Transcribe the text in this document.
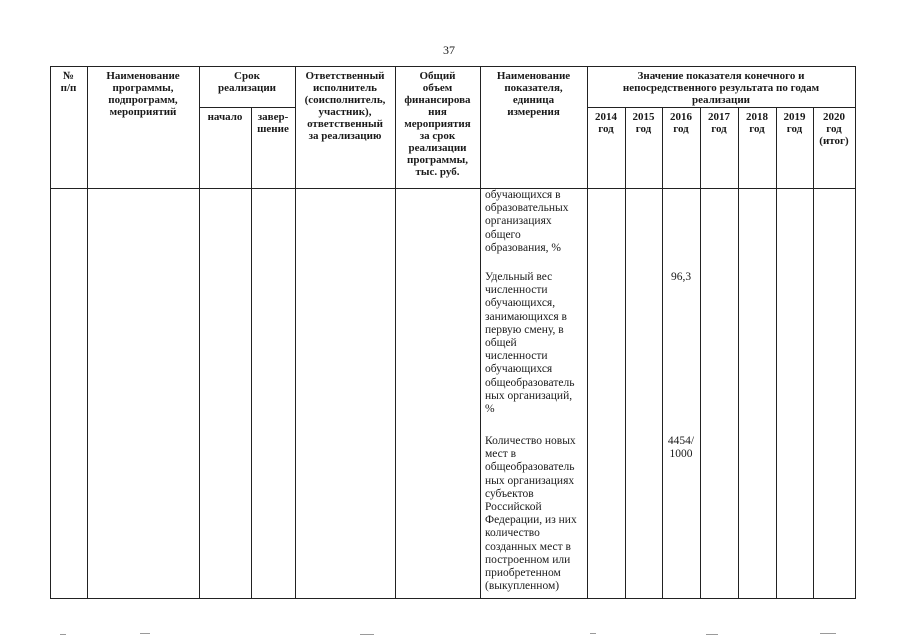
37
№
п/п
Наименование
программы,
подпрограмм,
мероприятий
Срок
реализации
начало	завер-
шение
Ответственный
исполнитель
(соисполнитель,
участник),
ответственный
за реализацию
Общий
объем
финансирова
ния
мероприятия
за срок
реализации
программы,
тыс. руб.
Наименование
показателя,
единица
измерения
Значение показателя конечного и
непосредственного результата по годам
реализации
2014
год
2015
год
2016
год
2017
год
2018
год
2019
год
2020
год
(итог)
обучающихся в
образовательных
организациях
общего
образования, %
Удельный вес
численности
обучающихся,
занимающихся в
первую смену, в
общей
численности
обучающихся
общеобразователь
ных организаций,
%
96,3
Количество новых
мест в
общеобразователь
ных организациях
субъектов
Российской
Федерации, из них
количество
созданных мест в
построенном или
приобретенном
(выкупленном)
4454/
1000
